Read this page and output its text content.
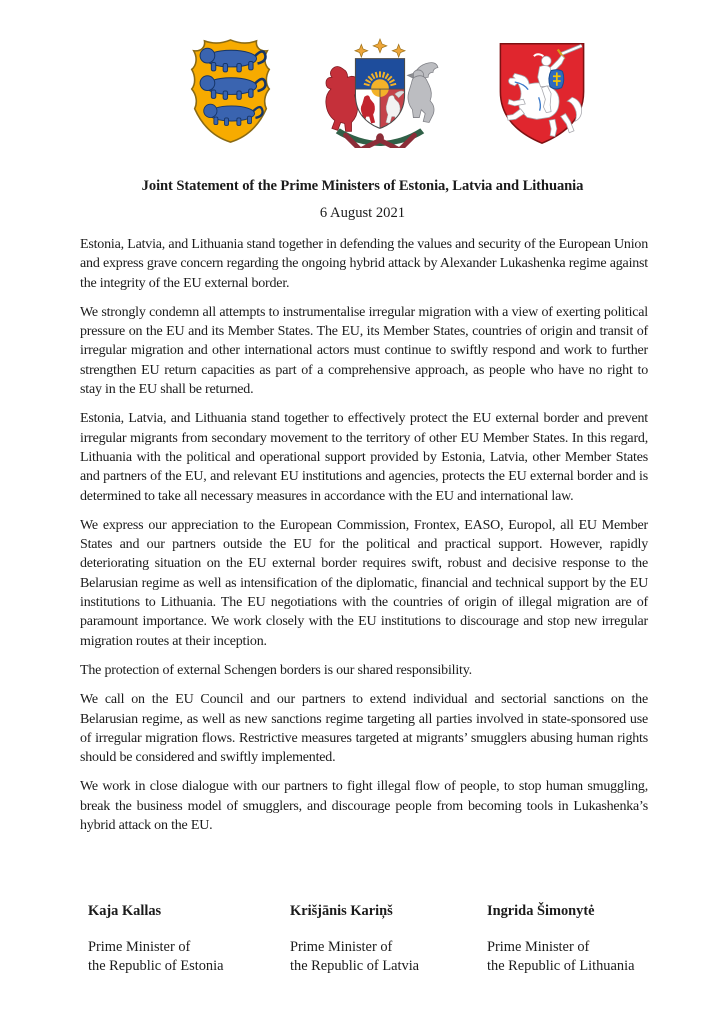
Joint Statement of the Prime Ministers of Estonia, Latvia and Lithuania
6 August 2021

Estonia, Latvia, and Lithuania stand together in defending the values and security of the European Union and express grave concern regarding the ongoing hybrid attack by Alexander Lukashenka regime against the integrity of the EU external border.

We strongly condemn all attempts to instrumentalise irregular migration with a view of exerting political pressure on the EU and its Member States. The EU, its Member States, countries of origin and transit of irregular migration and other international actors must continue to swiftly respond and work to further strengthen EU return capacities as part of a comprehensive approach, as people who have no right to stay in the EU shall be returned.

Estonia, Latvia, and Lithuania stand together to effectively protect the EU external border and prevent irregular migrants from secondary movement to the territory of other EU Member States. In this regard, Lithuania with the political and operational support provided by Estonia, Latvia, other Member States and partners of the EU, and relevant EU institutions and agencies, protects the EU external border and is determined to take all necessary measures in accordance with the EU and international law.

We express our appreciation to the European Commission, Frontex, EASO, Europol, all EU Member States and our partners outside the EU for the political and practical support. However, rapidly deteriorating situation on the EU external border requires swift, robust and decisive response to the Belarusian regime as well as intensification of the diplomatic, financial and technical support by the EU institutions to Lithuania. The EU negotiations with the countries of origin of illegal migration are of paramount importance. We work closely with the EU institutions to discourage and stop new irregular migration routes at their inception.

The protection of external Schengen borders is our shared responsibility.

We call on the EU Council and our partners to extend individual and sectorial sanctions on the Belarusian regime, as well as new sanctions regime targeting all parties involved in state-sponsored use of irregular migration flows. Restrictive measures targeted at migrants’ smugglers abusing human rights should be considered and swiftly implemented.

We work in close dialogue with our partners to fight illegal flow of people, to stop human smuggling, break the business model of smugglers, and discourage people from becoming tools in Lukashenka’s hybrid attack on the EU.

Kaja Kallas
Prime Minister of
the Republic of Estonia
Krišjānis Kariņš
Prime Minister of
the Republic of Latvia
Ingrida Šimonytė
Prime Minister of
the Republic of Lithuania
